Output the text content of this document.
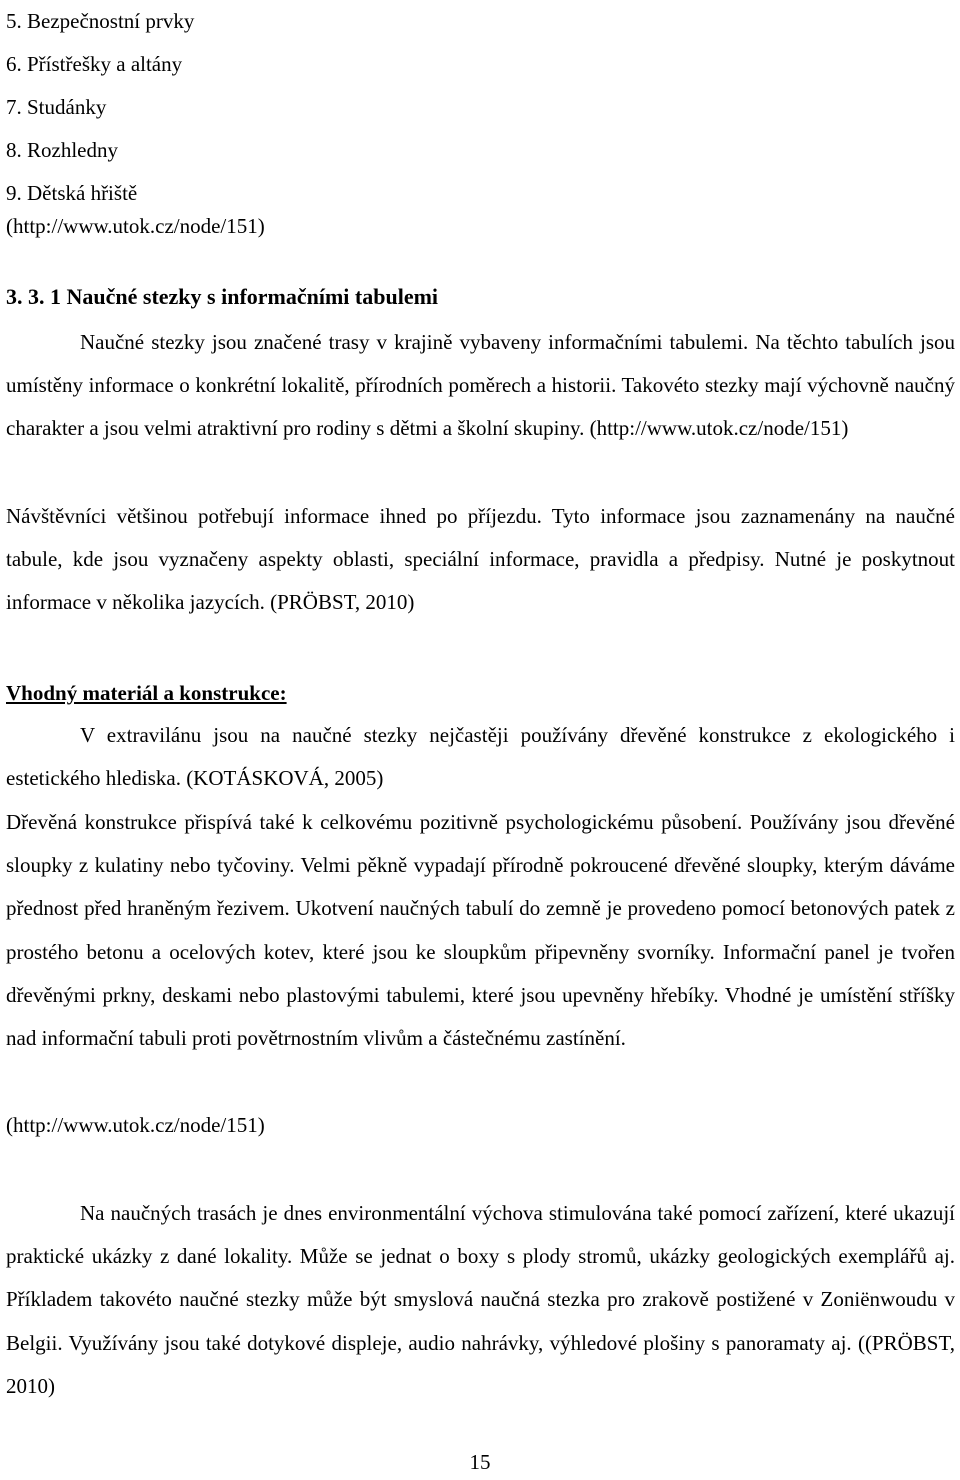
5. Bezpečnostní prvky
6. Přístřešky a altány
7. Studánky
8. Rozhledny
9. Dětská hřiště
(http://www.utok.cz/node/151)
3. 3. 1 Naučné stezky s informačními tabulemi

Naučné stezky jsou značené trasy v krajině vybaveny informačními tabulemi. Na těchto tabulích jsou umístěny informace o konkrétní lokalitě, přírodních poměrech a historii. Takovéto stezky mají výchovně naučný charakter a jsou velmi atraktivní pro rodiny s dětmi a školní skupiny. (http://www.utok.cz/node/151)

Návštěvníci většinou potřebují informace ihned po příjezdu. Tyto informace jsou zaznamenány na naučné tabule, kde jsou vyznačeny aspekty oblasti, speciální informace, pravidla a předpisy. Nutné je poskytnout informace v několika jazycích. (PRÖBST, 2010)

Vhodný materiál a konstrukce:

V extravilánu jsou na naučné stezky nejčastěji používány dřevěné konstrukce z ekologického i estetického hlediska. (KOTÁSKOVÁ, 2005)

Dřevěná konstrukce přispívá také k celkovému pozitivně psychologickému působení. Používány jsou dřevěné sloupky z kulatiny nebo tyčoviny. Velmi pěkně vypadají přírodně pokroucené dřevěné sloupky, kterým dáváme přednost před hraněným řezivem. Ukotvení naučných tabulí do zemně je provedeno pomocí betonových patek z prostého betonu a ocelových kotev, které jsou ke sloupkům připevněny svorníky. Informační panel je tvořen dřevěnými prkny, deskami nebo plastovými tabulemi, které jsou upevněny hřebíky. Vhodné je umístění stříšky nad informační tabuli proti povětrnostním vlivům a částečnému zastínění.

(http://www.utok.cz/node/151)

Na naučných trasách je dnes environmentální výchova stimulována také pomocí zařízení, které ukazují praktické ukázky z dané lokality. Může se jednat o boxy s plody stromů, ukázky geologických exemplářů aj. Příkladem takovéto naučné stezky může být smyslová naučná stezka pro zrakově postižené v Zoniënwoudu v Belgii. Využívány jsou také dotykové displeje, audio nahrávky, výhledové plošiny s panoramaty aj. ((PRÖBST, 2010)

15
